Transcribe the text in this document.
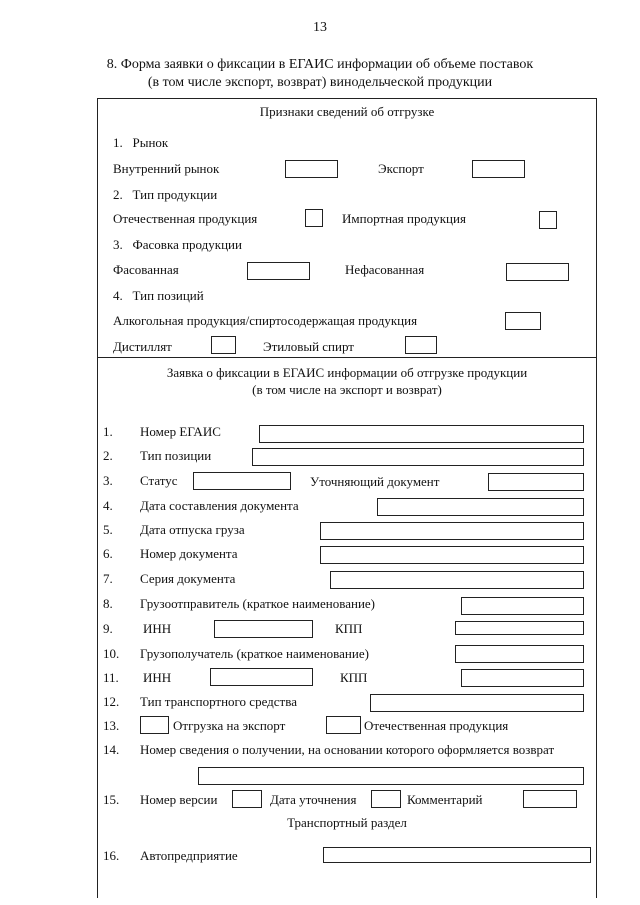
13
8. Форма заявки о фиксации в ЕГАИС информации об объеме поставок
(в том числе экспорт, возврат) винодельческой продукции
Признаки сведений об отгрузке
1.   Рынок
Внутренний рынок	Экспорт
2.   Тип продукции
Отечественная продукция	Импортная продукция
3.   Фасовка продукции
Фасованная	Нефасованная
4.   Тип позиций
Алкогольная продукция/спиртосодержащая продукция
Дистиллят	Этиловый спирт
Заявка о фиксации в ЕГАИС информации об отгрузке продукции
(в том числе на экспорт и возврат)
1. Номер ЕГАИС
2. Тип позиции
3. Статус	Уточняющий документ
4. Дата составления документа
5. Дата отпуска груза
6. Номер документа
7. Серия документа
8. Грузоотправитель (краткое наименование)
9. ИНН	КПП
10. Грузополучатель (краткое наименование)
11. ИНН	КПП
12. Тип транспортного средства
13.	Отгрузка на экспорт	Отечественная продукция
14. Номер сведения о получении, на основании которого оформляется возврат
15. Номер версии	Дата уточнения	Комментарий
Транспортный раздел
16. Автопредприятие
